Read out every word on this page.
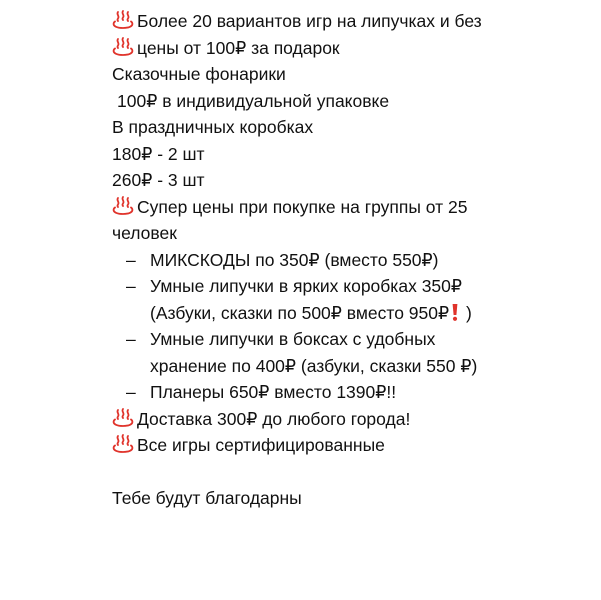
Более 20 вариантов игр на липучках и без
цены от 100₽ за подарок
Сказочные фонарики
100₽ в индивидуальной упаковке
В праздничных коробках
180₽ - 2 шт
260₽ - 3 шт
Супер цены при покупке на группы от 25 человек
– МИКСКОДЫ по 350₽ (вместо 550₽)
– Умные липучки в ярких коробках 350₽ (Азбуки, сказки по 500₽ вместо 950₽ )
– Умные липучки в боксах с удобных хранение по 400₽ (азбуки, сказки 550 ₽)
– Планеры 650₽ вместо 1390₽!!
Доставка 300₽ до любого города!
Все игры сертифицированные
Тебе будут благодарны
